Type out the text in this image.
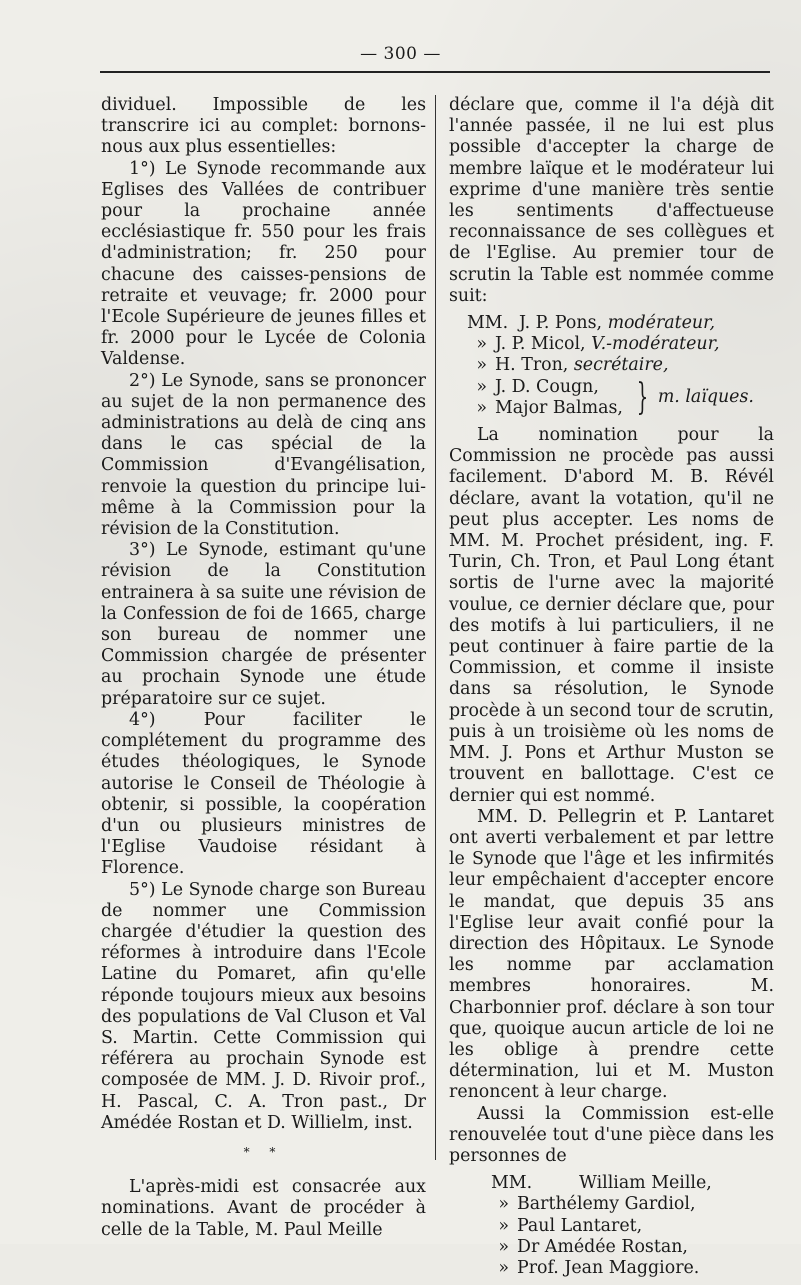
— 300 —

dividuel. Impossible de les transcrire ici au complet: bornons-nous aux plus essentielles:

1°) Le Synode recommande aux Eglises des Vallées de contribuer pour la prochaine année ecclésiastique fr. 550 pour les frais d'administration; fr. 250 pour chacune des caisses-pensions de retraite et veuvage; fr. 2000 pour l'Ecole Supérieure de jeunes filles et fr. 2000 pour le Lycée de Colonia Valdense.

2°) Le Synode, sans se prononcer au sujet de la non permanence des administrations au delà de cinq ans dans le cas spécial de la Commission d'Evangélisation, renvoie la question du principe lui-même à la Commission pour la révision de la Constitution.

3°) Le Synode, estimant qu'une révision de la Constitution entrainera à sa suite une révision de la Confession de foi de 1665, charge son bureau de nommer une Commission chargée de présenter au prochain Synode une étude préparatoire sur ce sujet.

4°) Pour faciliter le complétement du programme des études théologiques, le Synode autorise le Conseil de Théologie à obtenir, si possible, la coopération d'un ou plusieurs ministres de l'Eglise Vaudoise résidant à Florence.

5°) Le Synode charge son Bureau de nommer une Commission chargée d'étudier la question des réformes à introduire dans l'Ecole Latine du Pomaret, afin qu'elle réponde toujours mieux aux besoins des populations de Val Cluson et Val S. Martin. Cette Commission qui référera au prochain Synode est composée de MM. J. D. Rivoir prof., H. Pascal, C. A. Tron past., Dr Amédée Rostan et D. Willielm, inst.

* *

L'après-midi est consacrée aux nominations. Avant de procéder à celle de la Table, M. Paul Meille

déclare que, comme il l'a déjà dit l'année passée, il ne lui est plus possible d'accepter la charge de membre laïque et le modérateur lui exprime d'une manière très sentie les sentiments d'affectueuse reconnaissance de ses collègues et de l'Eglise. Au premier tour de scrutin la Table est nommée comme suit:

MM. J. P. Pons,
modérateur,
» J. P. Micol,
V.-modérateur,
» H. Tron,
secrétaire,
» J. D. Cougn,
» Major Balmas, } m. laïques.

La nomination pour la Commission ne procède pas aussi facilement. D'abord M. B. Révél déclare, avant la votation, qu'il ne peut plus accepter. Les noms de MM. M. Prochet président, ing. F. Turin, Ch. Tron, et Paul Long étant sortis de l'urne avec la majorité voulue, ce dernier déclare que, pour des motifs à lui particuliers, il ne peut continuer à faire partie de la Commission, et comme il insiste dans sa résolution, le Synode procède à un second tour de scrutin, puis à un troisième où les noms de MM. J. Pons et Arthur Muston se trouvent en ballottage. C'est ce dernier qui est nommé.

MM. D. Pellegrin et P. Lantaret ont averti verbalement et par lettre le Synode que l'âge et les infirmités leur empêchaient d'accepter encore le mandat, que depuis 35 ans l'Eglise leur avait confié pour la direction des Hôpitaux. Le Synode les nomme par acclamation membres honoraires. M. Charbonnier prof. déclare à son tour que, quoique aucun article de loi ne les oblige à prendre cette détermination, lui et M. Muston renoncent à leur charge.

Aussi la Commission est-elle renouvelée tout d'une pièce dans les personnes de

MM.	William Meille,
» Barthélemy Gardiol,
» Paul Lantaret,
» Dr Amédée Rostan,
» Prof. Jean Maggiore.
